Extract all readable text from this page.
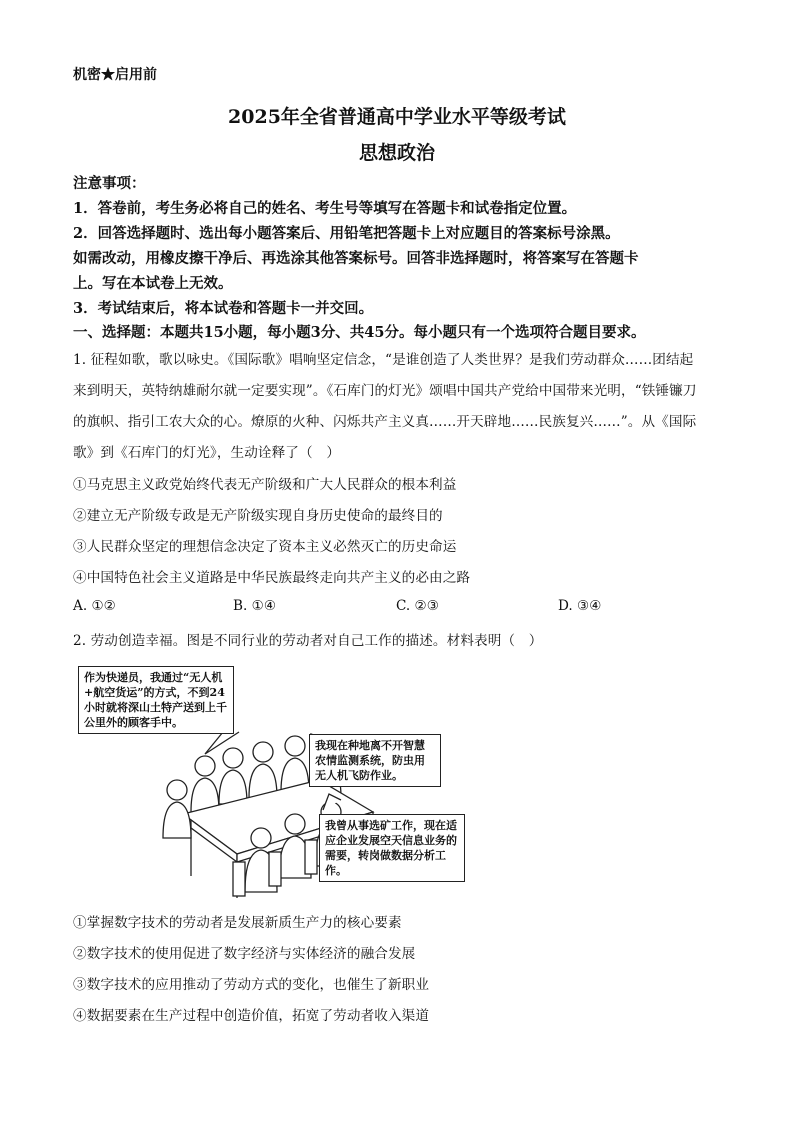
机密★启用前
2025年全省普通高中学业水平等级考试
思想政治
注意事项：
1．答卷前，考生务必将自己的姓名、考生号等填写在答题卡和试卷指定位置。
2．回答选择题时、选出每小题答案后、用铅笔把答题卡上对应题目的答案标号涂黑。
如需改动，用橡皮擦干净后、再选涂其他答案标号。回答非选择题时，将答案写在答题卡
上。写在本试卷上无效。
3．考试结束后，将本试卷和答题卡一并交回。
一、选择题：本题共15小题，每小题3分、共45分。每小题只有一个选项符合题目要求。
1. 征程如歌，歌以咏史。《国际歌》唱响坚定信念，“是谁创造了人类世界？是我们劳动群众……团结起
来到明天，英特纳雄耐尔就一定要实现”。《石库门的灯光》颂唱中国共产党给中国带来光明，“铁锤镰刀
的旗帜、指引工农大众的心。燎原的火种、闪烁共产主义真……开天辟地……民族复兴……”。从《国际
歌》到《石库门的灯光》，生动诠释了（　）
①马克思主义政党始终代表无产阶级和广大人民群众的根本利益
②建立无产阶级专政是无产阶级实现自身历史使命的最终目的
③人民群众坚定的理想信念决定了资本主义必然灭亡的历史命运
④中国特色社会主义道路是中华民族最终走向共产主义的必由之路
A. ①②	B. ①④	C. ②③	D. ③④
2. 劳动创造幸福。图是不同行业的劳动者对自己工作的描述。材料表明（　）
作为快递员，我通过“无人机+航空货运”的方式，不到24小时就将深山土特产送到上千公里外的顾客手中。
我现在种地离不开智慧农情监测系统，防虫用无人机飞防作业。
我曾从事选矿工作，现在适应企业发展空天信息业务的需要，转岗做数据分析工作。
①掌握数字技术的劳动者是发展新质生产力的核心要素
②数字技术的使用促进了数字经济与实体经济的融合发展
③数字技术的应用推动了劳动方式的变化，也催生了新职业
④数据要素在生产过程中创造价值，拓宽了劳动者收入渠道
